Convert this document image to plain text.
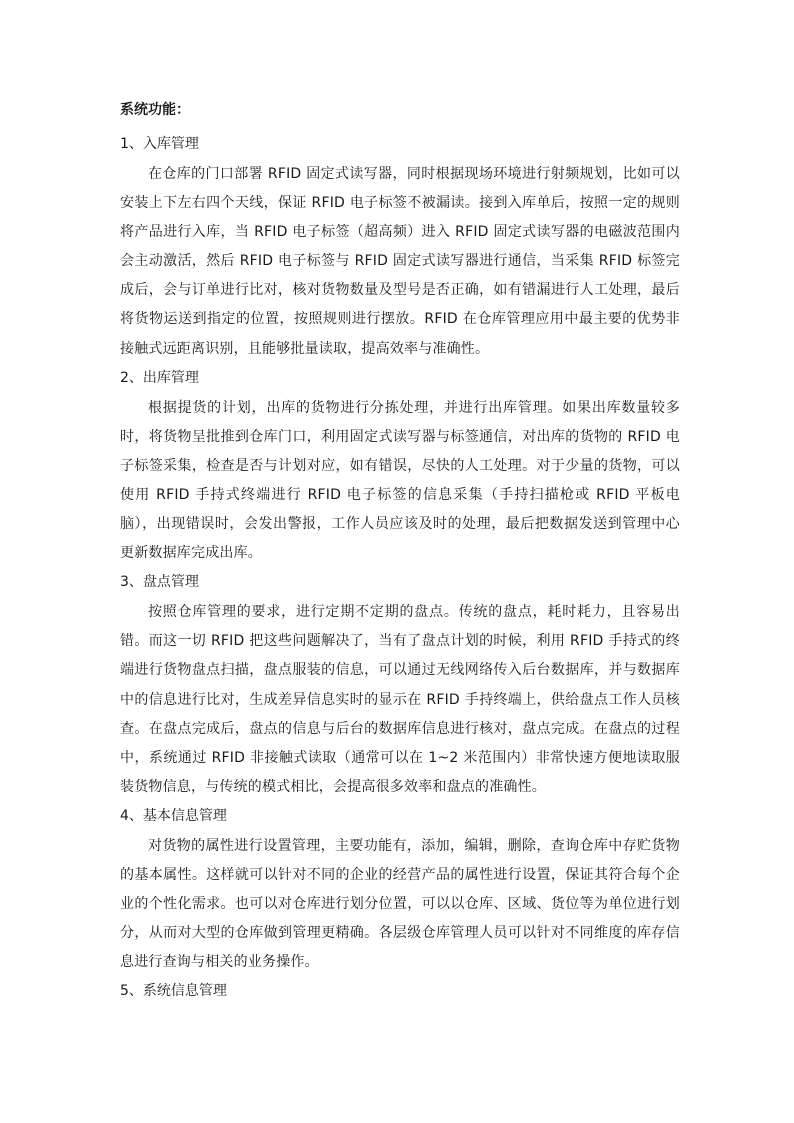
系统功能：
1、入库管理

在仓库的门口部署 RFID 固定式读写器，同时根据现场环境进行射频规划，比如可以安装上下左右四个天线，保证 RFID 电子标签不被漏读。接到入库单后，按照一定的规则将产品进行入库，当 RFID 电子标签（超高频）进入 RFID 固定式读写器的电磁波范围内会主动激活，然后 RFID 电子标签与 RFID 固定式读写器进行通信，当采集 RFID 标签完成后，会与订单进行比对，核对货物数量及型号是否正确，如有错漏进行人工处理，最后将货物运送到指定的位置，按照规则进行摆放。RFID 在仓库管理应用中最主要的优势非接触式远距离识别，且能够批量读取，提高效率与准确性。

2、出库管理

根据提货的计划，出库的货物进行分拣处理，并进行出库管理。如果出库数量较多时，将货物呈批推到仓库门口，利用固定式读写器与标签通信，对出库的货物的 RFID 电子标签采集，检查是否与计划对应，如有错误，尽快的人工处理。对于少量的货物，可以使用 RFID 手持式终端进行 RFID 电子标签的信息采集（手持扫描枪或 RFID 平板电脑），出现错误时，会发出警报，工作人员应该及时的处理，最后把数据发送到管理中心更新数据库完成出库。

3、盘点管理

按照仓库管理的要求，进行定期不定期的盘点。传统的盘点，耗时耗力，且容易出错。而这一切 RFID 把这些问题解决了，当有了盘点计划的时候，利用 RFID 手持式的终端进行货物盘点扫描，盘点服装的信息，可以通过无线网络传入后台数据库，并与数据库中的信息进行比对，生成差异信息实时的显示在 RFID 手持终端上，供给盘点工作人员核查。在盘点完成后，盘点的信息与后台的数据库信息进行核对，盘点完成。在盘点的过程中，系统通过 RFID 非接触式读取（通常可以在 1~2 米范围内）非常快速方便地读取服装货物信息，与传统的模式相比，会提高很多效率和盘点的准确性。

4、基本信息管理

对货物的属性进行设置管理，主要功能有，添加，编辑，删除，查询仓库中存贮货物的基本属性。这样就可以针对不同的企业的经营产品的属性进行设置，保证其符合每个企业的个性化需求。也可以对仓库进行划分位置，可以以仓库、区域、货位等为单位进行划分，从而对大型的仓库做到管理更精确。各层级仓库管理人员可以针对不同维度的库存信息进行查询与相关的业务操作。

5、系统信息管理
